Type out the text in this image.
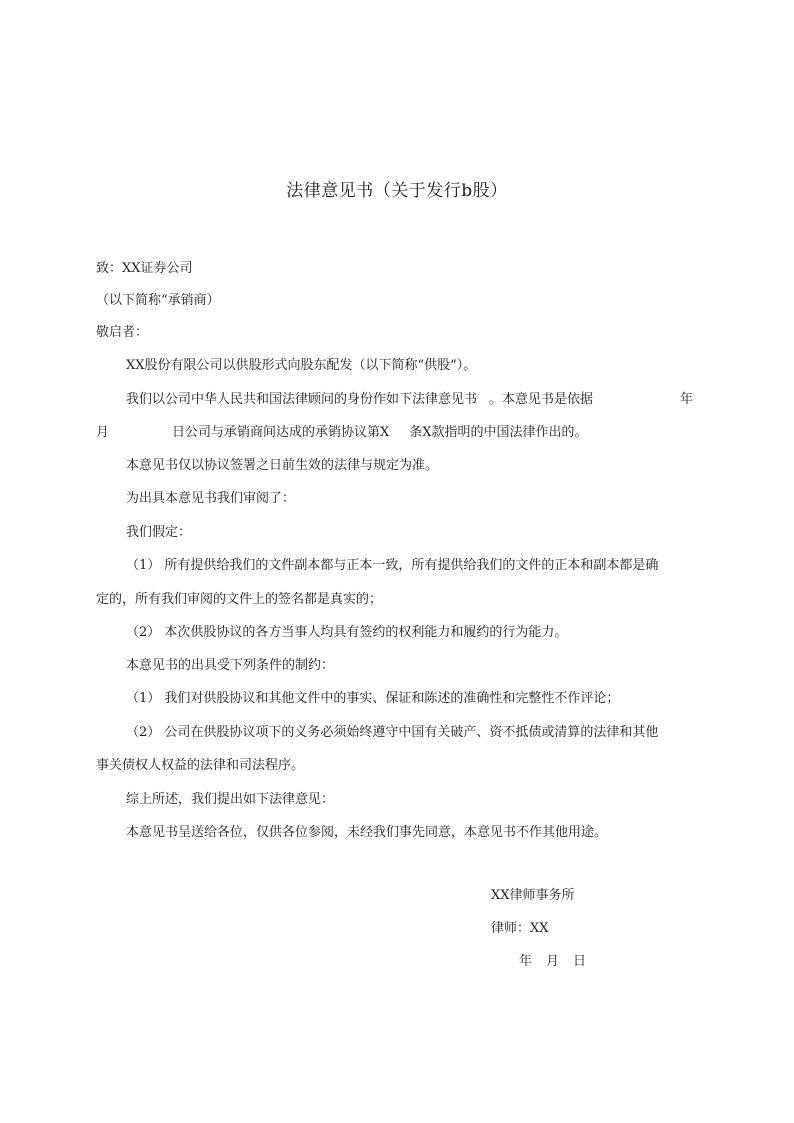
法律意见书（关于发行b股）
致：XX证券公司
（以下简称“承销商）
敬启者：
XX股份有限公司以供股形式向股东配发（以下简称“供股“）。
我们以公司中华人民共和国法律顾问的身份作如下法律意见书 。本意见书是依据	年
月	日公司与承销商间达成的承销协议第X 条X款指明的中国法律作出的。
本意见书仅以协议签署之日前生效的法律与规定为准。
为出具本意见书我们审阅了：
我们假定：
（1） 所有提供给我们的文件副本都与正本一致，所有提供给我们的文件的正本和副本都是确
定的，所有我们审阅的文件上的签名都是真实的；
（2） 本次供股协议的各方当事人均具有签约的权利能力和履约的行为能力。
本意见书的出具受下列条件的制约：
（1） 我们对供股协议和其他文件中的事实、保证和陈述的准确性和完整性不作评论；
（2） 公司在供股协议项下的义务必须始终遵守中国有关破产、资不抵债或清算的法律和其他
事关债权人权益的法律和司法程序。
综上所述，我们提出如下法律意见：
本意见书呈送给各位，仅供各位参阅，未经我们事先同意，本意见书不作其他用途。
XX律师事务所
律师：XX
年 月 日
